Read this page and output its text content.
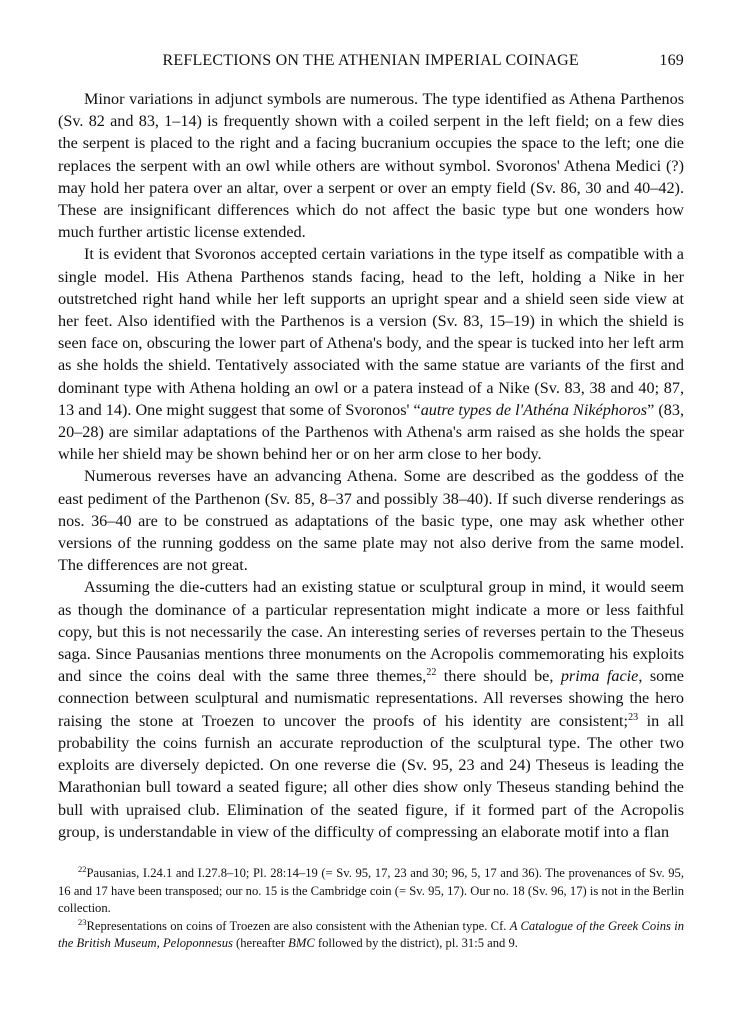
REFLECTIONS ON THE ATHENIAN IMPERIAL COINAGE	169

Minor variations in adjunct symbols are numerous. The type identified as Athena Parthenos (Sv. 82 and 83, 1–14) is frequently shown with a coiled serpent in the left field; on a few dies the serpent is placed to the right and a facing bucranium occupies the space to the left; one die replaces the serpent with an owl while others are without symbol. Svoronos' Athena Medici (?) may hold her patera over an altar, over a serpent or over an empty field (Sv. 86, 30 and 40–42). These are insignificant differences which do not affect the basic type but one wonders how much further artistic license extended.

It is evident that Svoronos accepted certain variations in the type itself as compatible with a single model. His Athena Parthenos stands facing, head to the left, holding a Nike in her outstretched right hand while her left supports an upright spear and a shield seen side view at her feet. Also identified with the Parthenos is a version (Sv. 83, 15–19) in which the shield is seen face on, obscuring the lower part of Athena's body, and the spear is tucked into her left arm as she holds the shield. Tentatively associated with the same statue are variants of the first and dominant type with Athena holding an owl or a patera instead of a Nike (Sv. 83, 38 and 40; 87, 13 and 14). One might suggest that some of Svoronos' “autre types de l'Athéna Niképhoros” (83, 20–28) are similar adaptations of the Parthenos with Athena's arm raised as she holds the spear while her shield may be shown behind her or on her arm close to her body.

Numerous reverses have an advancing Athena. Some are described as the goddess of the east pediment of the Parthenon (Sv. 85, 8–37 and possibly 38–40). If such diverse renderings as nos. 36–40 are to be construed as adaptations of the basic type, one may ask whether other versions of the running goddess on the same plate may not also derive from the same model. The differences are not great.

Assuming the die-cutters had an existing statue or sculptural group in mind, it would seem as though the dominance of a particular representation might indicate a more or less faithful copy, but this is not necessarily the case. An interesting series of reverses pertain to the Theseus saga. Since Pausanias mentions three monuments on the Acropolis commemorating his exploits and since the coins deal with the same three themes,$^{22}$ there should be, prima facie, some connection between sculptural and numismatic representations. All reverses showing the hero raising the stone at Troezen to uncover the proofs of his identity are consistent;$^{23}$ in all probability the coins furnish an accurate reproduction of the sculptural type. The other two exploits are diversely depicted. On one reverse die (Sv. 95, 23 and 24) Theseus is leading the Marathonian bull toward a seated figure; all other dies show only Theseus standing behind the bull with upraised club. Elimination of the seated figure, if it formed part of the Acropolis group, is understandable in view of the difficulty of compressing an elaborate motif into a flan

$^{22}$Pausanias, I.24.1 and I.27.8–10; Pl. 28:14–19 (= Sv. 95, 17, 23 and 30; 96, 5, 17 and 36). The provenances of Sv. 95, 16 and 17 have been transposed; our no. 15 is the Cambridge coin (= Sv. 95, 17). Our no. 18 (Sv. 96, 17) is not in the Berlin collection.

$^{23}$Representations on coins of Troezen are also consistent with the Athenian type. Cf. A Catalogue of the Greek Coins in the British Museum, Peloponnesus (hereafter BMC followed by the district), pl. 31:5 and 9.
